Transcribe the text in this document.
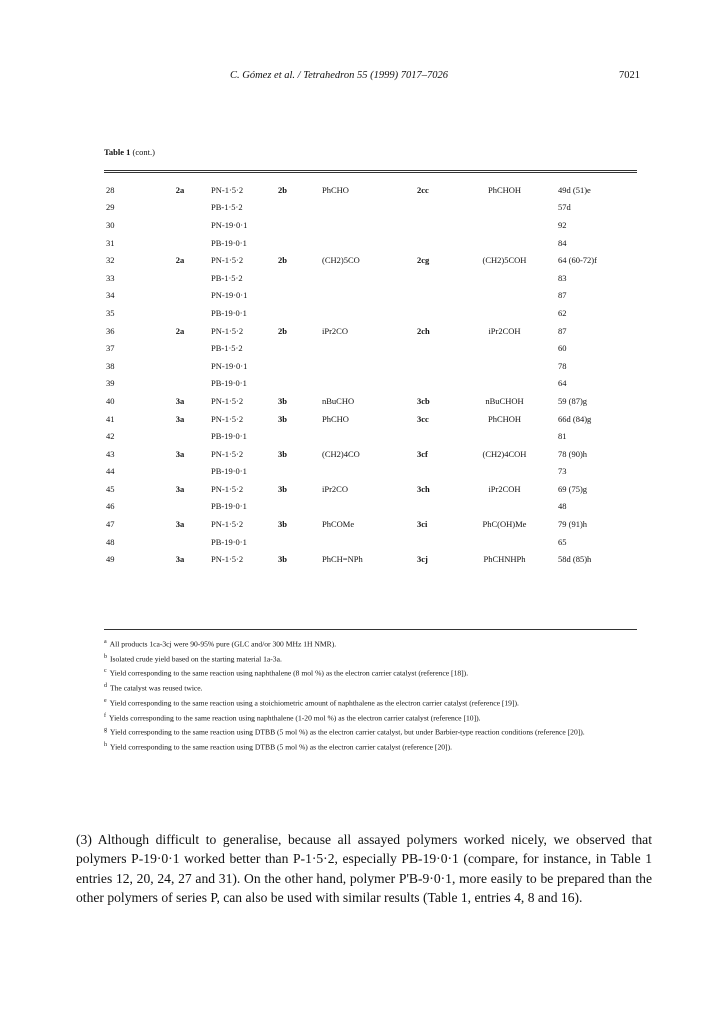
C. Gómez et al. / Tetrahedron 55 (1999) 7017–7026	7021
Table 1 (cont.)
28	2a	PN-1·5·2	2b	PhCHO	2cc	PhCHOH	49d (51)e
29		PB-1·5·2					57d
30		PN-19·0·1					92
31		PB-19·0·1					84
32	2a	PN-1·5·2	2b	(CH2)5CO	2cg	(CH2)5COH	64 (60-72)f
33		PB-1·5·2					83
34		PN-19·0·1					87
35		PB-19·0·1					62
36	2a	PN-1·5·2	2b	iPr2CO	2ch	iPr2COH	87
37		PB-1·5·2					60
38		PN-19·0·1					78
39		PB-19·0·1					64
40	3a	PN-1·5·2	3b	nBuCHO	3cb	nBuCHOH	59 (87)g
41	3a	PN-1·5·2	3b	PhCHO	3cc	PhCHOH	66d (84)g
42		PB-19·0·1					81
43	3a	PN-1·5·2	3b	(CH2)4CO	3cf	(CH2)4COH	78 (90)h
44		PB-19·0·1					73
45	3a	PN-1·5·2	3b	iPr2CO	3ch	iPr2COH	69 (75)g
46		PB-19·0·1					48
47	3a	PN-1·5·2	3b	PhCOMe	3ci	PhC(OH)Me	79 (91)h
48		PB-19·0·1					65
49	3a	PN-1·5·2	3b	PhCH=NPh	3cj	PhCHNHPh	58d (85)h
$^a$ All products 1ca-3cj were 90-95% pure (GLC and/or 300 MHz 1H NMR).
$^b$ Isolated crude yield based on the starting material 1a-3a.
$^c$ Yield corresponding to the same reaction using naphthalene (8 mol %) as the electron carrier catalyst (reference [18]).
$^d$ The catalyst was reused twice.
$^e$ Yield corresponding to the same reaction using a stoichiometric amount of naphthalene as the electron carrier catalyst (reference [19]).
$^f$ Yields corresponding to the same reaction using naphthalene (1-20 mol %) as the electron carrier catalyst (reference [10]).
$^g$ Yield corresponding to the same reaction using DTBB (5 mol %) as the electron carrier catalyst, but under Barbier-type reaction conditions (reference [20]).
$^h$ Yield corresponding to the same reaction using DTBB (5 mol %) as the electron carrier catalyst (reference [20]).
(3) Although difficult to generalise, because all assayed polymers worked nicely, we observed that polymers P-19·0·1 worked better than P-1·5·2, especially PB-19·0·1 (compare, for instance, in Table 1 entries 12, 20, 24, 27 and 31). On the other hand, polymer P'B-9·0·1, more easily to be prepared than the other polymers of series P, can also be used with similar results (Table 1, entries 4, 8 and 16).
